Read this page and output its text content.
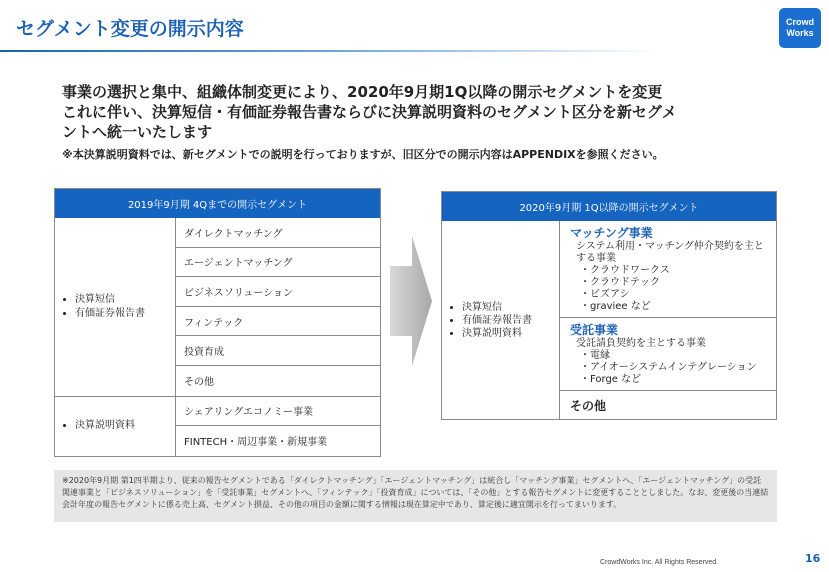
セグメント変更の開示内容	Crowd
Works
事業の選択と集中、組織体制変更により、2020年9月期1Q以降の開示セグメントを変更
これに伴い、決算短信・有価証券報告書ならびに決算説明資料のセグメント区分を新セグメ
ントへ統一いたします

※本決算説明資料では、新セグメントでの説明を行っておりますが、旧区分での開示内容はAPPENDIXを参照ください。

2019年9月期 4Qまでの開示セグメント
• 決算短信
• 有価証券報告書
ダイレクトマッチング
エージェントマッチング
ビジネスソリューション
フィンテック
投資育成
その他
• 決算説明資料
シェアリングエコノミー事業
FINTECH・周辺事業・新規事業
2020年9月期 1Q以降の開示セグメント
• 決算短信
• 有価証券報告書
• 決算説明資料
マッチング事業
システム利用・マッチング仲介契約を主とする事業
・クラウドワークス
・クラウドテック
・ビズアシ
・graviee など
受託事業
受託請負契約を主とする事業
・電縁
・アイオーシステムインテグレーション
・Forge など
その他
※2020年9月期 第1四半期より、従来の報告セグメントである「ダイレクトマッチング」「エージェントマッチング」は統合し「マッチング事業」セグメントへ、「エージェントマッチング」の受託関連事業と「ビジネスソリューション」を「受託事業」セグメントへ、「フィンテック」「投資育成」については、「その他」とする報告セグメントに変更することとしました。なお、変更後の当連結会計年度の報告セグメントに係る売上高、セグメント損益、その他の項目の金額に関する情報は現在算定中であり、算定後に適宜開示を行ってまいります。
CrowdWorks Inc. All Rights Reserved.	16
